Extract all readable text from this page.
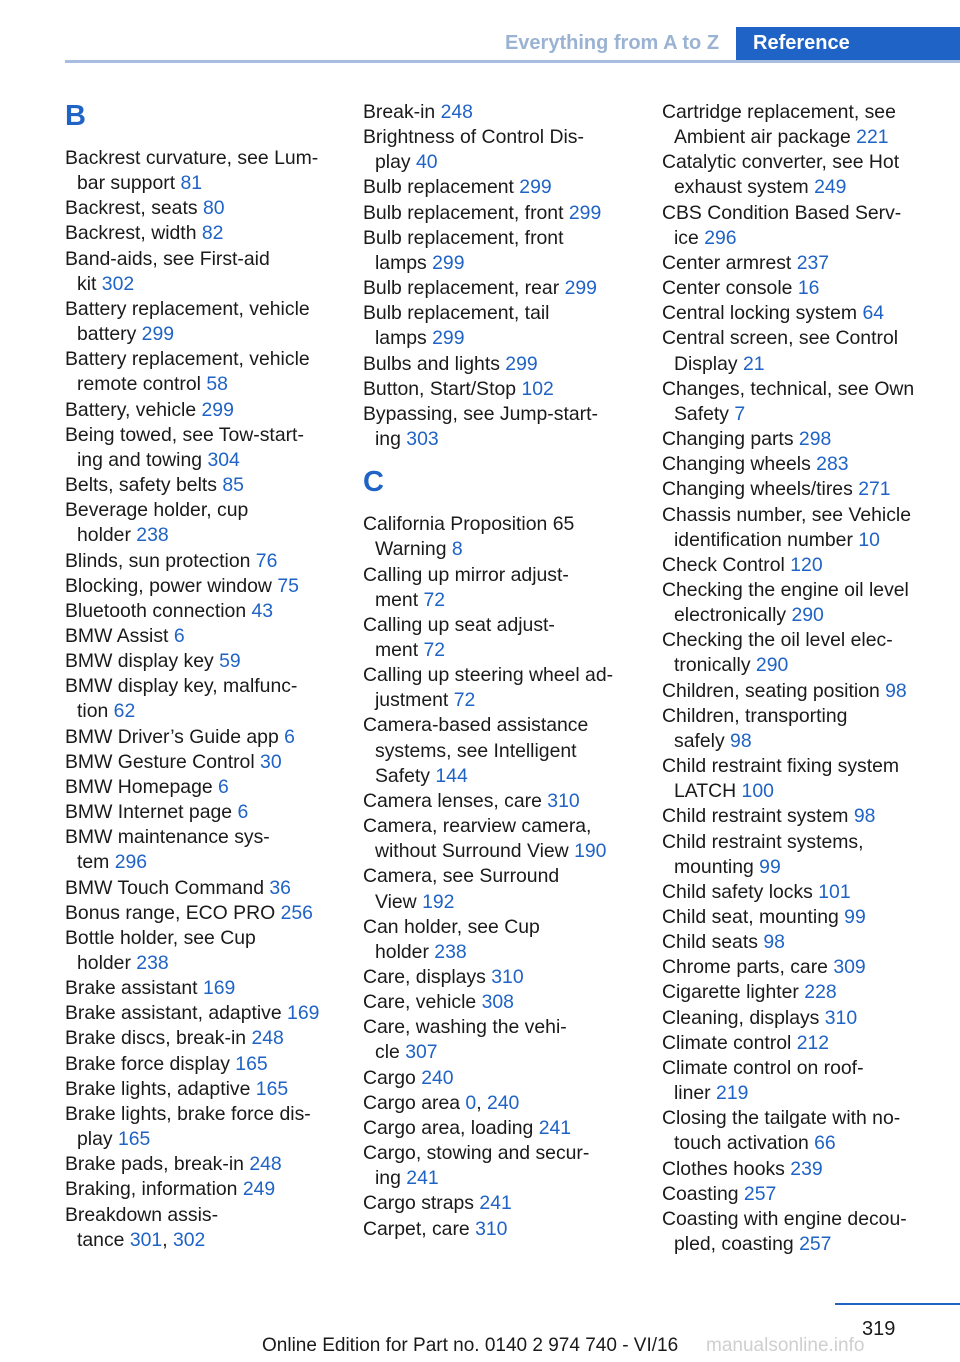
Everything from A to Z	Reference
B
Backrest curvature, see Lum-
bar support 81
Backrest, seats 80
Backrest, width 82
Band-aids, see First-aid
kit 302
Battery replacement, vehicle
battery 299
Battery replacement, vehicle
remote control 58
Battery, vehicle 299
Being towed, see Tow-start-
ing and towing 304
Belts, safety belts 85
Beverage holder, cup
holder 238
Blinds, sun protection 76
Blocking, power window 75
Bluetooth connection 43
BMW Assist 6
BMW display key 59
BMW display key, malfunc-
tion 62
BMW Driver’s Guide app 6
BMW Gesture Control 30
BMW Homepage 6
BMW Internet page 6
BMW maintenance sys-
tem 296
BMW Touch Command 36
Bonus range, ECO PRO 256
Bottle holder, see Cup
holder 238
Brake assistant 169
Brake assistant, adaptive 169
Brake discs, break-in 248
Brake force display 165
Brake lights, adaptive 165
Brake lights, brake force dis-
play 165
Brake pads, break-in 248
Braking, information 249
Breakdown assis-
tance 301, 302
Break-in 248
Brightness of Control Dis-
play 40
Bulb replacement 299
Bulb replacement, front 299
Bulb replacement, front
lamps 299
Bulb replacement, rear 299
Bulb replacement, tail
lamps 299
Bulbs and lights 299
Button, Start/Stop 102
Bypassing, see Jump-start-
ing 303
C
California Proposition 65
Warning 8
Calling up mirror adjust-
ment 72
Calling up seat adjust-
ment 72
Calling up steering wheel ad-
justment 72
Camera-based assistance
systems, see Intelligent
Safety 144
Camera lenses, care 310
Camera, rearview camera,
without Surround View 190
Camera, see Surround
View 192
Can holder, see Cup
holder 238
Care, displays 310
Care, vehicle 308
Care, washing the vehi-
cle 307
Cargo 240
Cargo area 0, 240
Cargo area, loading 241
Cargo, stowing and secur-
ing 241
Cargo straps 241
Carpet, care 310
Cartridge replacement, see
Ambient air package 221
Catalytic converter, see Hot
exhaust system 249
CBS Condition Based Serv-
ice 296
Center armrest 237
Center console 16
Central locking system 64
Central screen, see Control
Display 21
Changes, technical, see Own
Safety 7
Changing parts 298
Changing wheels 283
Changing wheels/tires 271
Chassis number, see Vehicle
identification number 10
Check Control 120
Checking the engine oil level
electronically 290
Checking the oil level elec-
tronically 290
Children, seating position 98
Children, transporting
safely 98
Child restraint fixing system
LATCH 100
Child restraint system 98
Child restraint systems,
mounting 99
Child safety locks 101
Child seat, mounting 99
Child seats 98
Chrome parts, care 309
Cigarette lighter 228
Cleaning, displays 310
Climate control 212
Climate control on roof-
liner 219
Closing the tailgate with no-
touch activation 66
Clothes hooks 239
Coasting 257
Coasting with engine decou-
pled, coasting 257
319
Online Edition for Part no. 0140 2 974 740 - VI/16 manualsonline.info
